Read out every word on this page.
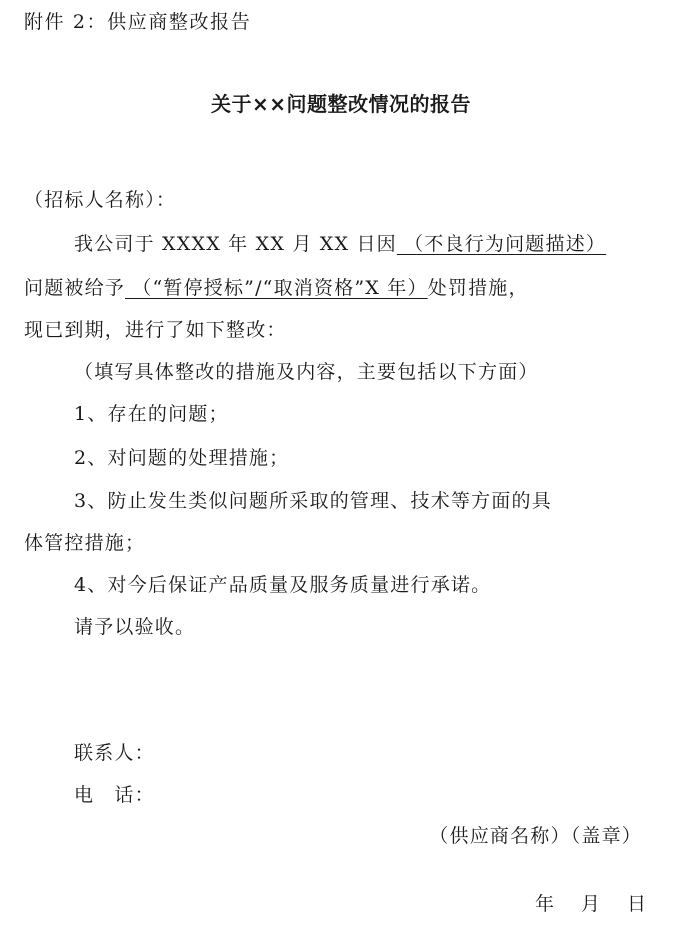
附件 2：供应商整改报告
关于××问题整改情况的报告
（招标人名称）：
我公司于 XXXX 年 XX 月 XX 日因 （不良行为问题描述）
问题被给予 （“暂停授标”/“取消资格”X 年）处罚措施，
现已到期，进行了如下整改：
（填写具体整改的措施及内容，主要包括以下方面）
1、存在的问题；
2、对问题的处理措施；
3、防止发生类似问题所采取的管理、技术等方面的具
体管控措施；
4、对今后保证产品质量及服务质量进行承诺。
请予以验收。
联系人：
电　话：
（供应商名称）（盖章）
年　月　日
